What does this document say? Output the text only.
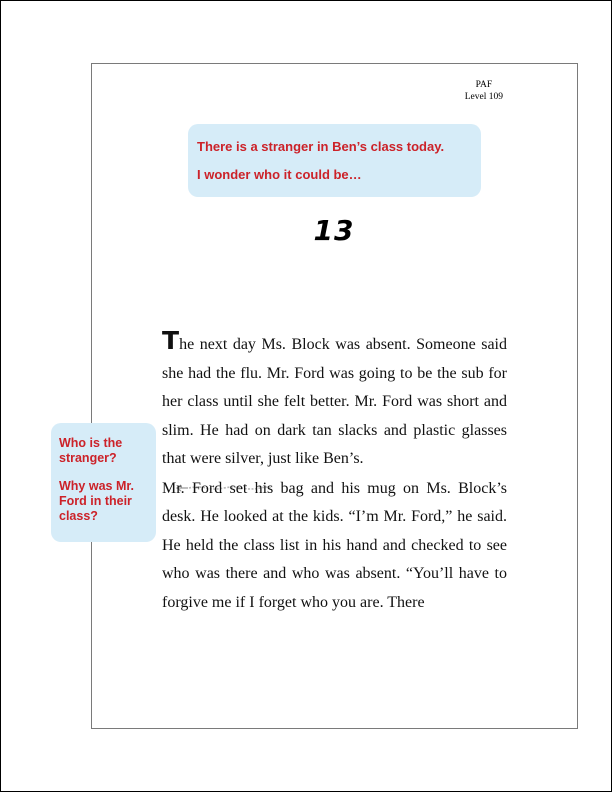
PAF
Level 109

There is a stranger in Ben’s class today.

I wonder who it could be…

13

Who is the stranger?

Why was Mr. Ford in their class?

The next day Ms. Block was absent. Someone said she had the flu. Mr. Ford was going to be the sub for her class until she felt better. Mr. Ford was short and slim. He had on dark tan slacks and plastic glasses that were silver, just like Ben’s.

Mr. Ford set his bag and his mug on Ms. Block’s desk. He looked at the kids. “I’m Mr. Ford,” he said. He held the class list in his hand and checked to see who was there and who was absent. “You’ll have to forgive me if I forget who you are. There
